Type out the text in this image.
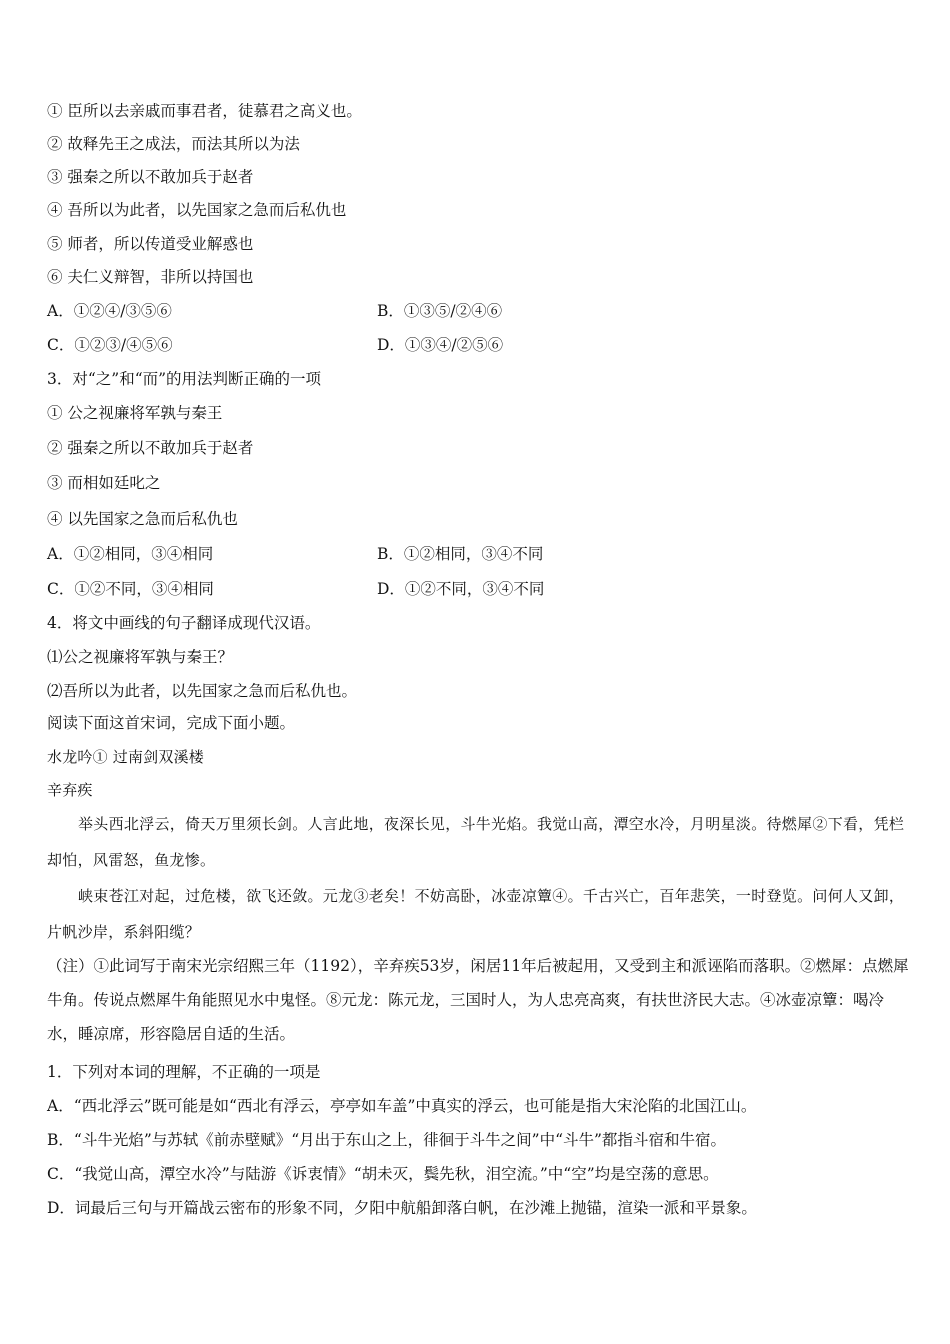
① 臣所以去亲戚而事君者，徒慕君之高义也。
② 故释先王之成法，而法其所以为法
③ 强秦之所以不敢加兵于赵者
④ 吾所以为此者，以先国家之急而后私仇也
⑤ 师者，所以传道受业解惑也
⑥ 夫仁义辩智，非所以持国也
A．①②④/③⑤⑥	B．①③⑤/②④⑥
C．①②③/④⑤⑥	D．①③④/②⑤⑥
3．对“之”和“而”的用法判断正确的一项
① 公之视廉将军孰与秦王
② 强秦之所以不敢加兵于赵者
③ 而相如廷叱之
④ 以先国家之急而后私仇也
A．①②相同，③④相同	B．①②相同，③④不同
C．①②不同，③④相同	D．①②不同，③④不同
4．将文中画线的句子翻译成现代汉语。
⑴公之视廉将军孰与秦王？
⑵吾所以为此者，以先国家之急而后私仇也。
阅读下面这首宋词，完成下面小题。
水龙吟① 过南剑双溪楼
辛弃疾
举头西北浮云，倚天万里须长剑。人言此地，夜深长见，斗牛光焰。我觉山高，潭空水冷，月明星淡。待燃犀②下看，凭栏却怕，风雷怒，鱼龙惨。
峡束苍江对起，过危楼，欲飞还敛。元龙③老矣！不妨高卧，冰壶凉簟④。千古兴亡，百年悲笑，一时登览。问何人又卸，片帆沙岸，系斜阳缆？
（注）①此词写于南宋光宗绍熙三年（1192），辛弃疾53岁，闲居11年后被起用，又受到主和派诬陷而落职。②燃犀：点燃犀牛角。传说点燃犀牛角能照见水中鬼怪。⑧元龙：陈元龙，三国时人，为人忠亮高爽，有扶世济民大志。④冰壶凉簟：喝冷水，睡凉席，形容隐居自适的生活。
1．下列对本词的理解，不正确的一项是
A．“西北浮云”既可能是如“西北有浮云，亭亭如车盖”中真实的浮云，也可能是指大宋沦陷的北国江山。
B．“斗牛光焰”与苏轼《前赤壁赋》“月出于东山之上，徘徊于斗牛之间”中“斗牛”都指斗宿和牛宿。
C．“我觉山高，潭空水冷”与陆游《诉衷情》“胡未灭，鬓先秋，泪空流。”中“空”均是空荡的意思。
D．词最后三句与开篇战云密布的形象不同，夕阳中航船卸落白帆，在沙滩上抛锚，渲染一派和平景象。
